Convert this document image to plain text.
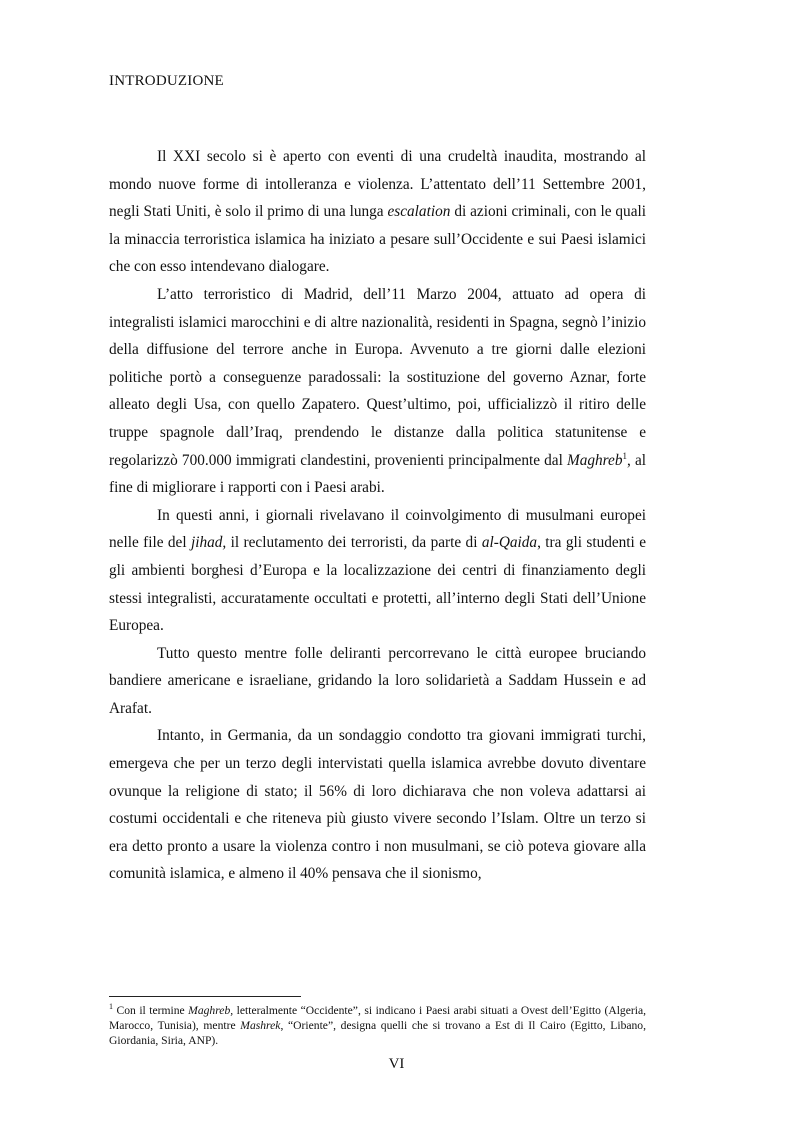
INTRODUZIONE

Il XXI secolo si è aperto con eventi di una crudeltà inaudita, mostrando al mondo nuove forme di intolleranza e violenza. L’attentato dell’11 Settembre 2001, negli Stati Uniti, è solo il primo di una lunga escalation di azioni criminali, con le quali la minaccia terroristica islamica ha iniziato a pesare sull’Occidente e sui Paesi islamici che con esso intendevano dialogare.

L’atto terroristico di Madrid, dell’11 Marzo 2004, attuato ad opera di integralisti islamici marocchini e di altre nazionalità, residenti in Spagna, segnò l’inizio della diffusione del terrore anche in Europa. Avvenuto a tre giorni dalle elezioni politiche portò a conseguenze paradossali: la sostituzione del governo Aznar, forte alleato degli Usa, con quello Zapatero. Quest’ultimo, poi, ufficializzò il ritiro delle truppe spagnole dall’Iraq, prendendo le distanze dalla politica statunitense e regolarizzò 700.000 immigrati clandestini, provenienti principalmente dal Maghreb$^1$, al fine di migliorare i rapporti con i Paesi arabi.

In questi anni, i giornali rivelavano il coinvolgimento di musulmani europei nelle file del jihad, il reclutamento dei terroristi, da parte di al-Qaida, tra gli studenti e gli ambienti borghesi d’Europa e la localizzazione dei centri di finanziamento degli stessi integralisti, accuratamente occultati e protetti, all’interno degli Stati dell’Unione Europea.

Tutto questo mentre folle deliranti percorrevano le città europee bruciando bandiere americane e israeliane, gridando la loro solidarietà a Saddam Hussein e ad Arafat.

Intanto, in Germania, da un sondaggio condotto tra giovani immigrati turchi, emergeva che per un terzo degli intervistati quella islamica avrebbe dovuto diventare ovunque la religione di stato; il 56% di loro dichiarava che non voleva adattarsi ai costumi occidentali e che riteneva più giusto vivere secondo l’Islam. Oltre un terzo si era detto pronto a usare la violenza contro i non musulmani, se ciò poteva giovare alla comunità islamica, e almeno il 40% pensava che il sionismo,

$^1$ Con il termine Maghreb, letteralmente “Occidente”, si indicano i Paesi arabi situati a Ovest dell’Egitto (Algeria, Marocco, Tunisia), mentre Mashrek, “Oriente”, designa quelli che si trovano a Est di Il Cairo (Egitto, Libano, Giordania, Siria, ANP).
VI
